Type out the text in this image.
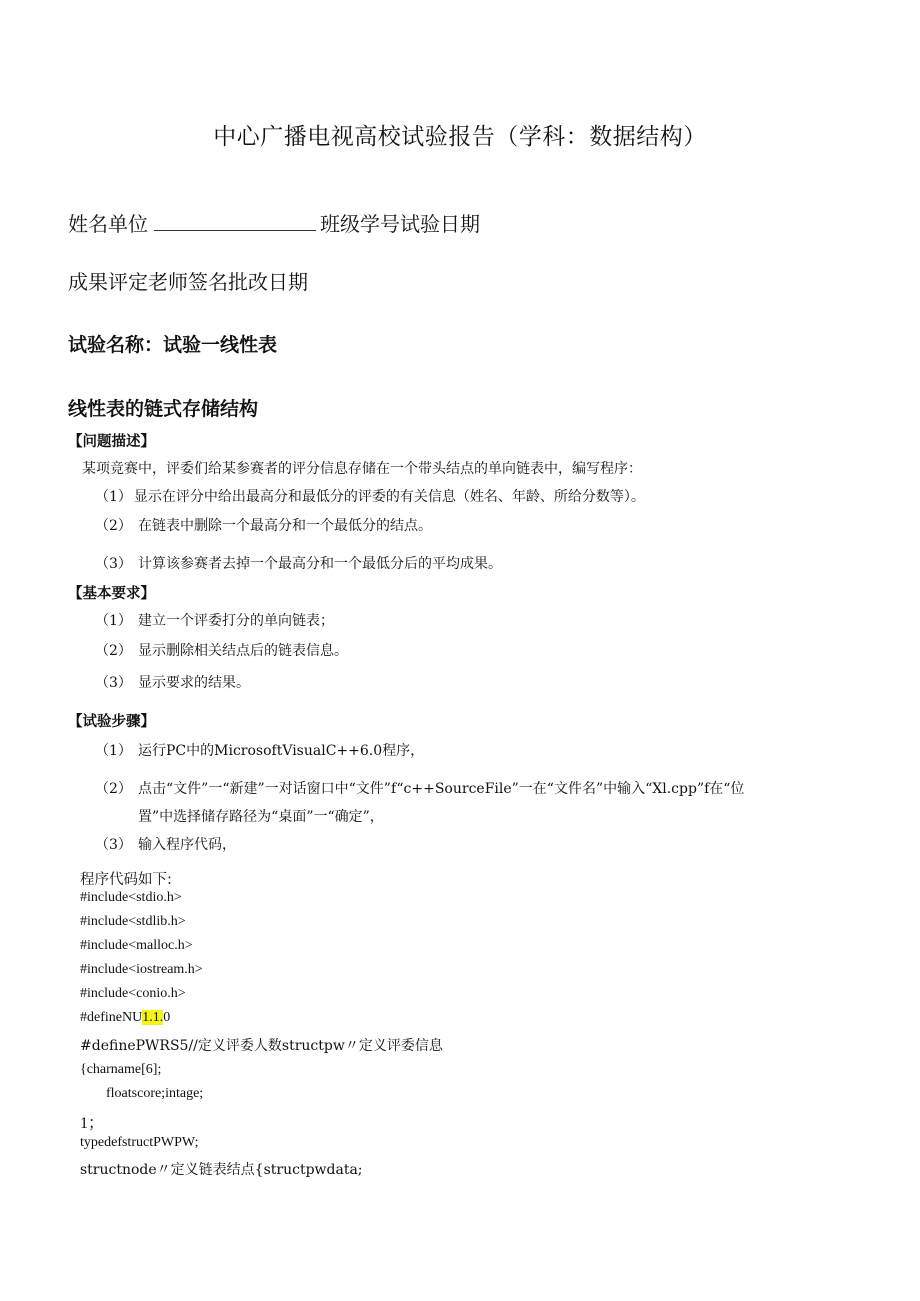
中心广播电视高校试验报告（学科：数据结构）
姓名单位	班级学号试验日期
成果评定老师签名批改日期
试验名称：试验一线性表
线性表的链式存储结构
【问题描述】
某项竞赛中，评委们给某参赛者的评分信息存储在一个带头结点的单向链表中，编写程序：
（1） 显示在评分中给出最高分和最低分的评委的有关信息（姓名、年龄、所给分数等）。
（2） 在链表中删除一个最高分和一个最低分的结点。
（3） 计算该参赛者去掉一个最高分和一个最低分后的平均成果。
【基本要求】
（1） 建立一个评委打分的单向链表；
（2） 显示删除相关结点后的链表信息。
（3） 显示要求的结果。
【试验步骤】
（1） 运行PC中的MicrosoftVisualC++6.0程序，
（2） 点击“文件”一“新建”一对话窗口中“文件”f“c++SourceFile”一在“文件名”中输入“Xl.cpp”f在“位
置”中选择储存路径为“桌面”一“确定”，
（3） 输入程序代码，
程序代码如下:
#include<stdio.h>
#include<stdlib.h>
#include<malloc.h>
#include<iostream.h>
#include<conio.h>
#defineNU1.1.0
#definePWRS5//定义评委人数structpw〃定义评委信息
{charname[6];
floatscore;intage;
1；
typedefstructPWPW;
structnode〃定义链表结点{structpwdata;
